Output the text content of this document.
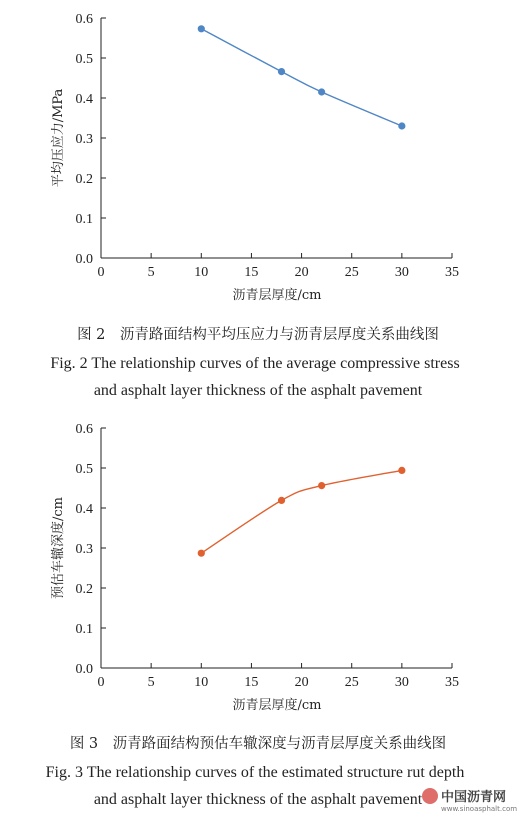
0	5	10	15	20	25	30	35
0.0
0.1
0.2
0.3
0.4
0.5
0.6
沥青层厚度/cm
平均压应力/MPa
图 2　沥青路面结构平均压应力与沥青层厚度关系曲线图
Fig. 2 The relationship curves of the average compressive stress
and asphalt layer thickness of the asphalt pavement
0	5	10	15	20	25	30	35
0.0
0.1
0.2
0.3
0.4
0.5
0.6
沥青层厚度/cm
预估车辙深度/cm
图 3　沥青路面结构预估车辙深度与沥青层厚度关系曲线图
Fig. 3 The relationship curves of the estimated structure rut depth
and asphalt layer thickness of the asphalt pavement 中国沥青网
www.sinoasphalt.com
